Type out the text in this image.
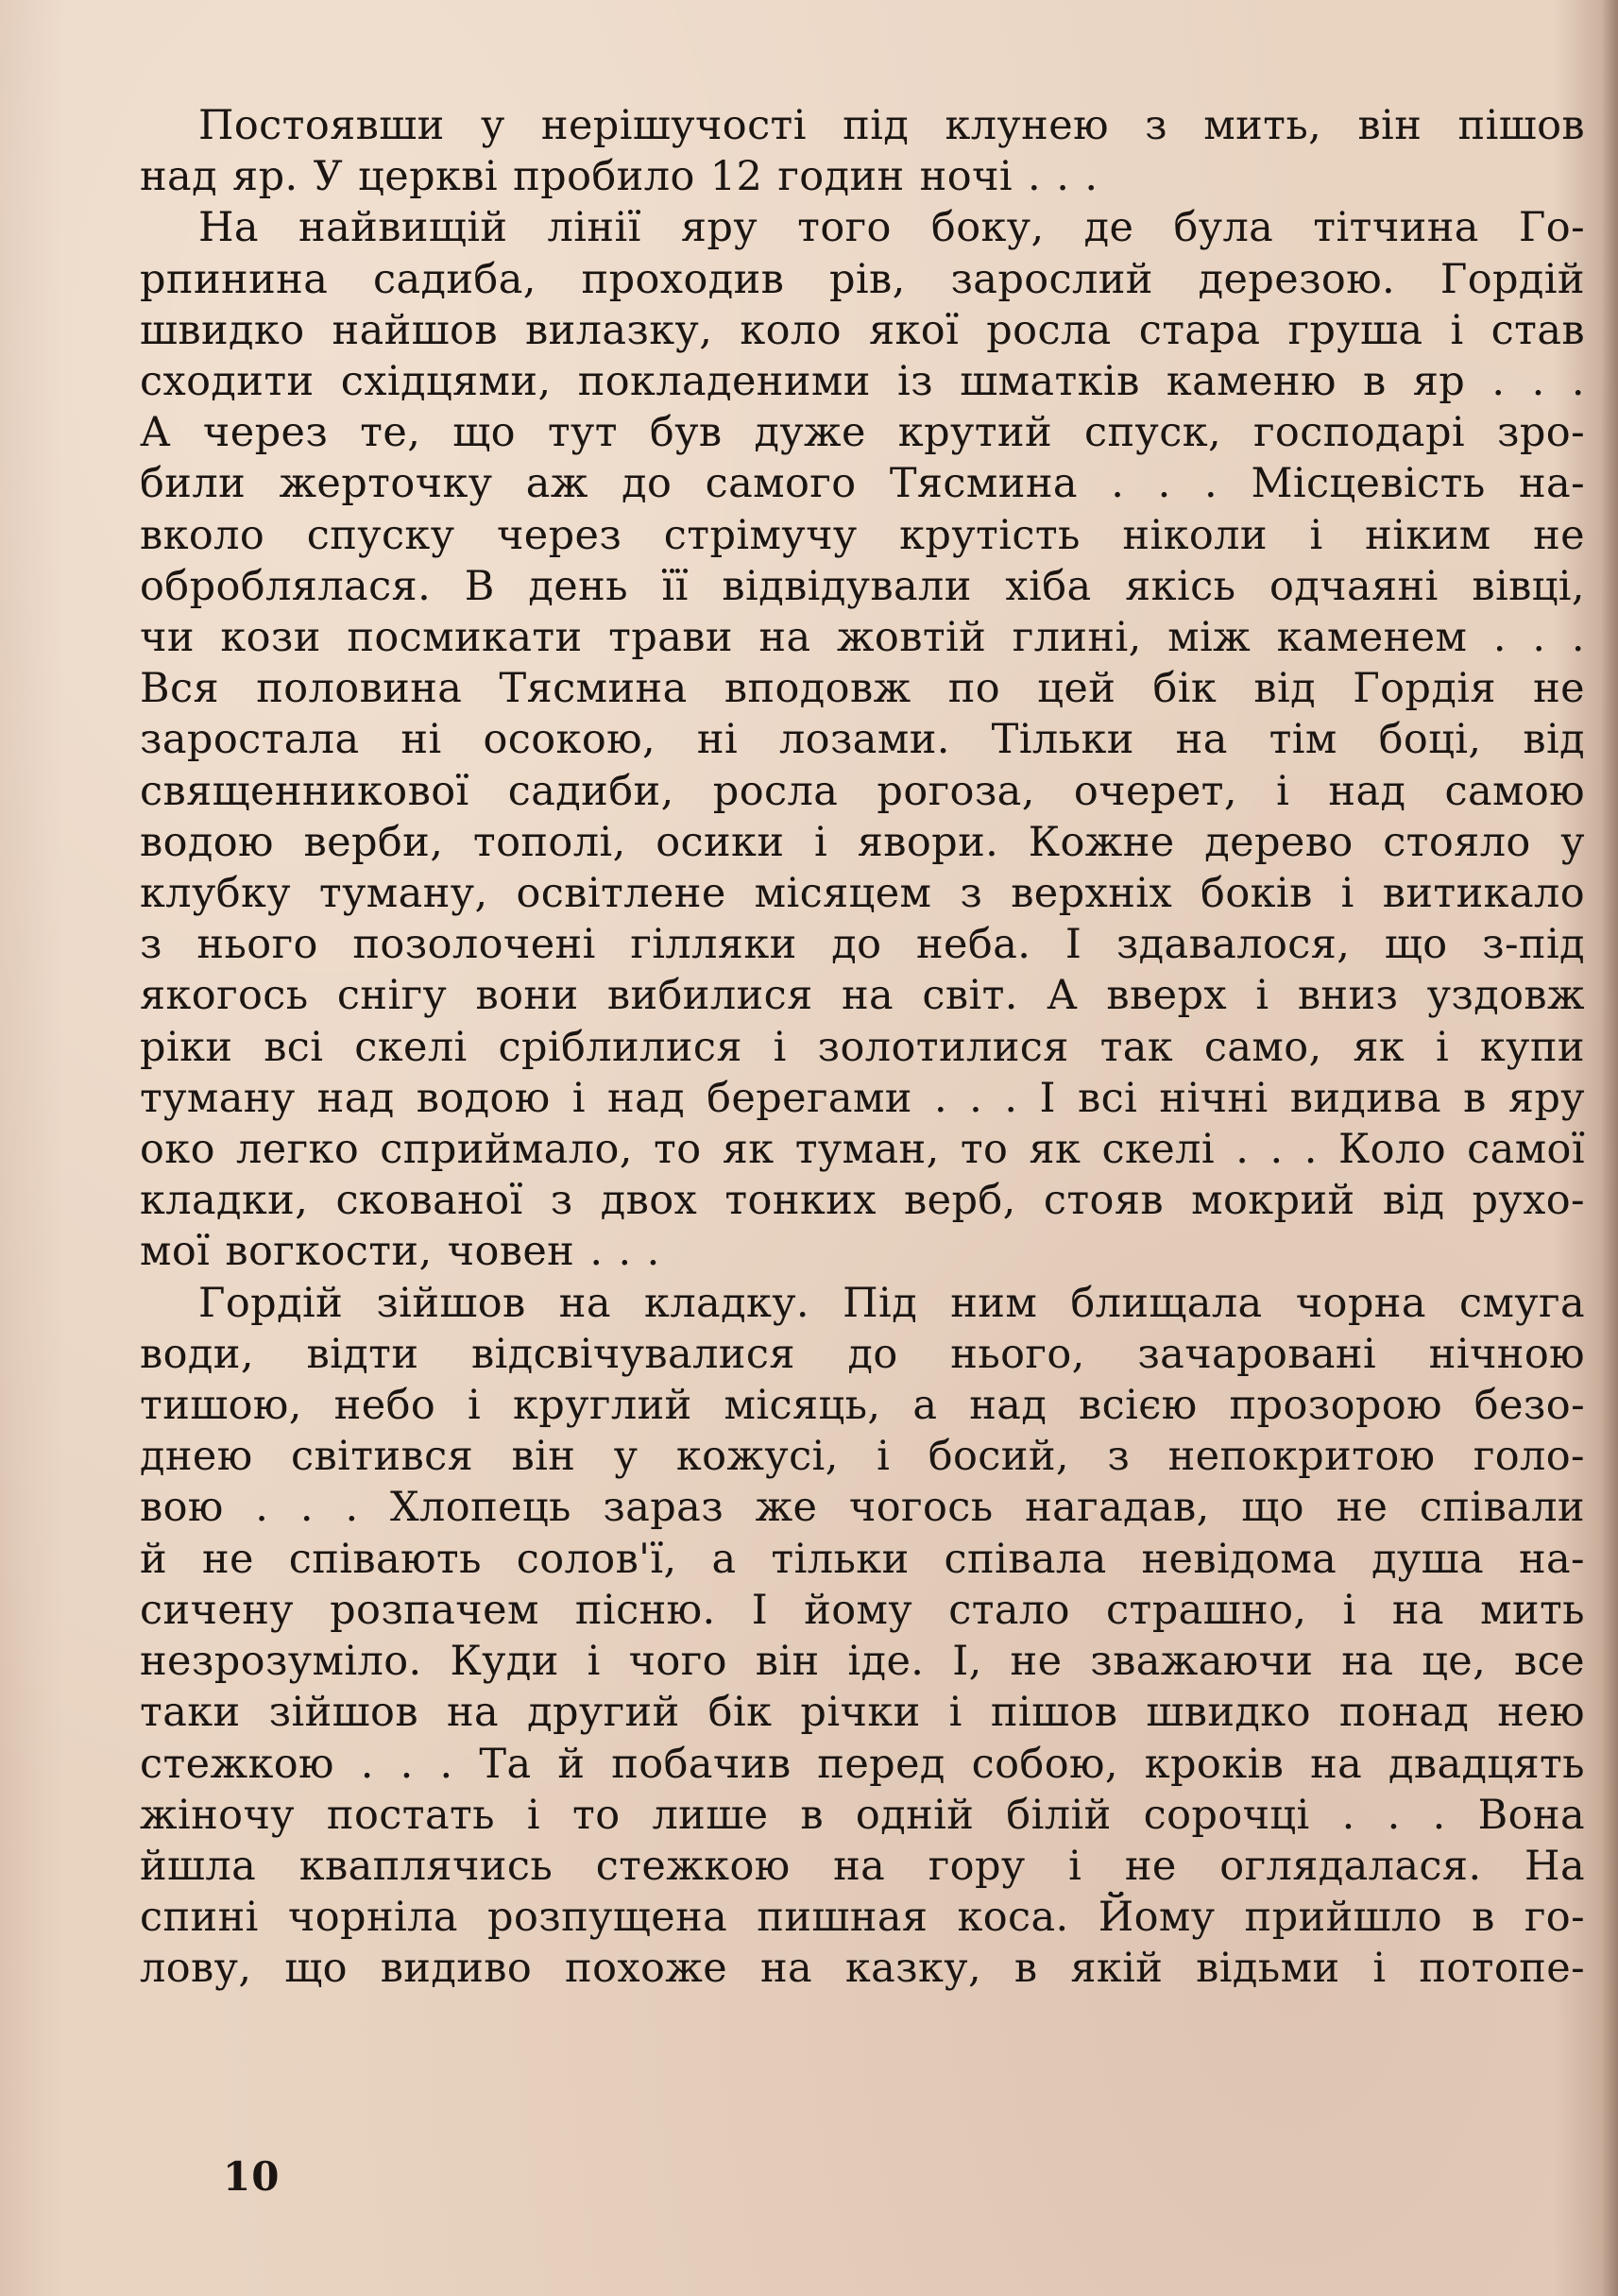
Постоявши у нерішучості під клунею з мить, він пішов
над яр. У церкві пробило 12 годин ночі . . .
На найвищій лінії яру того боку, де була тітчина Го-
рпинина садиба, проходив рів, зарослий дерезою. Гордій
швидко найшов вилазку, коло якої росла стара груша і став
сходити східцями, покладеними із шматків каменю в яр . . .
А через те, що тут був дуже крутий спуск, господарі зро-
били жерточку аж до самого Тясмина . . . Місцевість на-
вколо спуску через стрімучу крутість ніколи і ніким не
оброблялася. В день її відвідували хіба якісь одчаяні вівці,
чи кози посмикати трави на жовтій глині, між каменем . . .
Вся половина Тясмина вподовж по цей бік від Гордія не
заростала ні осокою, ні лозами. Тільки на тім боці, від
священникової садиби, росла рогоза, очерет, і над самою
водою верби, тополі, осики і явори. Кожне дерево стояло у
клубку туману, освітлене місяцем з верхніх боків і витикало
з нього позолочені гілляки до неба. І здавалося, що з-під
якогось снігу вони вибилися на світ. А вверх і вниз уздовж
ріки всі скелі сріблилися і золотилися так само, як і купи
туману над водою і над берегами . . . І всі нічні видива в яру
око легко сприймало, то як туман, то як скелі . . . Коло самої
кладки, скованої з двох тонких верб, стояв мокрий від рухо-
мої вогкости, човен . . .
Гордій зійшов на кладку. Під ним блищала чорна смуга
води, відти відсвічувалися до нього, зачаровані нічною
тишою, небо і круглий місяць, а над всією прозорою безо-
днею світився він у кожусі, і босий, з непокритою голо-
вою . . . Хлопець зараз же чогось нагадав, що не співали
й не співають солов'ї, а тільки співала невідома душа на-
сичену розпачем пісню. І йому стало страшно, і на мить
незрозуміло. Куди і чого він іде. І, не зважаючи на це, все
таки зійшов на другий бік річки і пішов швидко понад нею
стежкою . . . Та й побачив перед собою, кроків на двадцять
жіночу постать і то лише в одній білій сорочці . . . Вона
йшла кваплячись стежкою на гору і не оглядалася. На
спині чорніла розпущена пишная коса. Йому прийшло в го-
лову, що видиво похоже на казку, в якій відьми і потопе-
10
